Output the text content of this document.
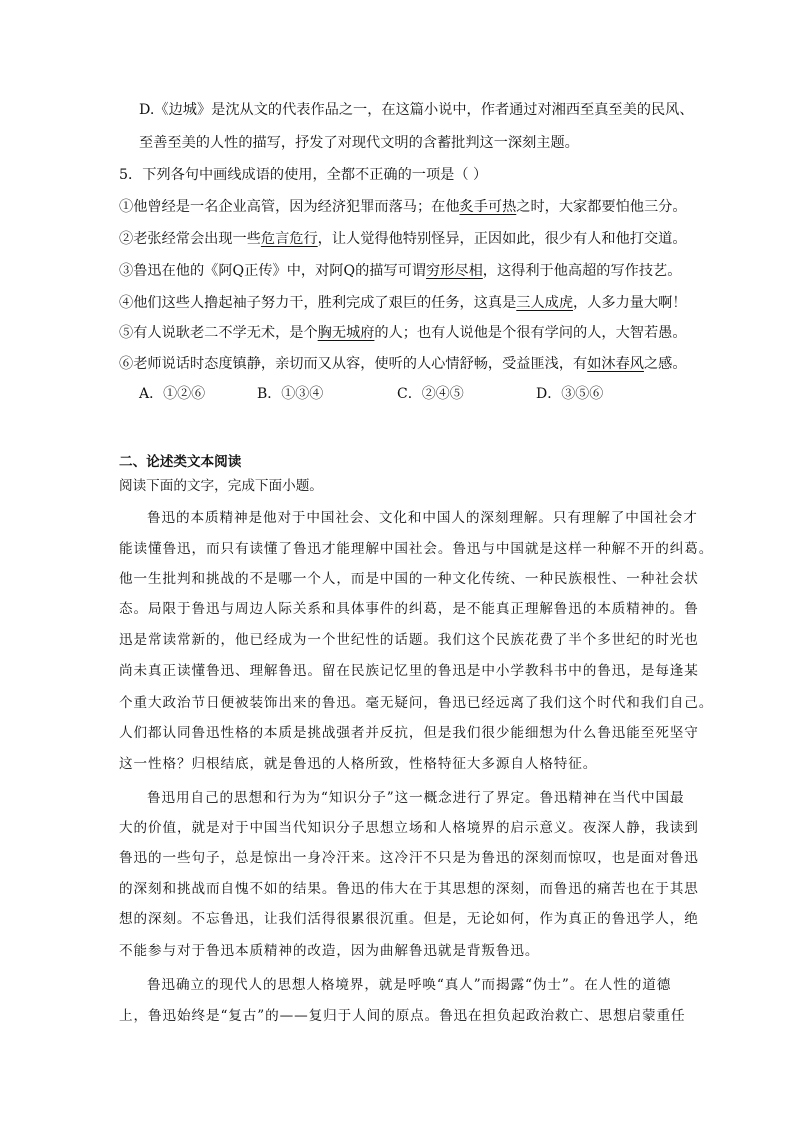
D.《边城》是沈从文的代表作品之一，在这篇小说中，作者通过对湘西至真至美的民风、
至善至美的人性的描写，抒发了对现代文明的含蓄批判这一深刻主题。
5．下列各句中画线成语的使用，全都不正确的一项是（ ）
①他曾经是一名企业高管，因为经济犯罪而落马；在他炙手可热之时，大家都要怕他三分。
②老张经常会出现一些危言危行，让人觉得他特别怪异，正因如此，很少有人和他打交道。
③鲁迅在他的《阿Q正传》中，对阿Q的描写可谓穷形尽相，这得利于他高超的写作技艺。
④他们这些人撸起袖子努力干，胜利完成了艰巨的任务，这真是三人成虎，人多力量大啊！
⑤有人说耿老二不学无术，是个胸无城府的人；也有人说他是个很有学问的人，大智若愚。
⑥老师说话时态度镇静，亲切而又从容，使听的人心情舒畅，受益匪浅，有如沐春风之感。
A．①②⑥	B．①③④	C．②④⑤	D．③⑤⑥
二、论述类文本阅读
阅读下面的文字，完成下面小题。
鲁迅的本质精神是他对于中国社会、文化和中国人的深刻理解。只有理解了中国社会才
能读懂鲁迅，而只有读懂了鲁迅才能理解中国社会。鲁迅与中国就是这样一种解不开的纠葛。
他一生批判和挑战的不是哪一个人，而是中国的一种文化传统、一种民族根性、一种社会状
态。局限于鲁迅与周边人际关系和具体事件的纠葛，是不能真正理解鲁迅的本质精神的。鲁
迅是常读常新的，他已经成为一个世纪性的话题。我们这个民族花费了半个多世纪的时光也
尚未真正读懂鲁迅、理解鲁迅。留在民族记忆里的鲁迅是中小学教科书中的鲁迅，是每逢某
个重大政治节日便被装饰出来的鲁迅。毫无疑问，鲁迅已经远离了我们这个时代和我们自己。
人们都认同鲁迅性格的本质是挑战强者并反抗，但是我们很少能细想为什么鲁迅能至死坚守
这一性格？归根结底，就是鲁迅的人格所致，性格特征大多源自人格特征。
鲁迅用自己的思想和行为为“知识分子”这一概念进行了界定。鲁迅精神在当代中国最
大的价值，就是对于中国当代知识分子思想立场和人格境界的启示意义。夜深人静，我读到
鲁迅的一些句子，总是惊出一身冷汗来。这冷汗不只是为鲁迅的深刻而惊叹，也是面对鲁迅
的深刻和挑战而自愧不如的结果。鲁迅的伟大在于其思想的深刻，而鲁迅的痛苦也在于其思
想的深刻。不忘鲁迅，让我们活得很累很沉重。但是，无论如何，作为真正的鲁迅学人，绝
不能参与对于鲁迅本质精神的改造，因为曲解鲁迅就是背叛鲁迅。
鲁迅确立的现代人的思想人格境界，就是呼唤“真人”而揭露“伪士”。在人性的道德
上，鲁迅始终是“复古”的——复归于人间的原点。鲁迅在担负起政治救亡、思想启蒙重任
